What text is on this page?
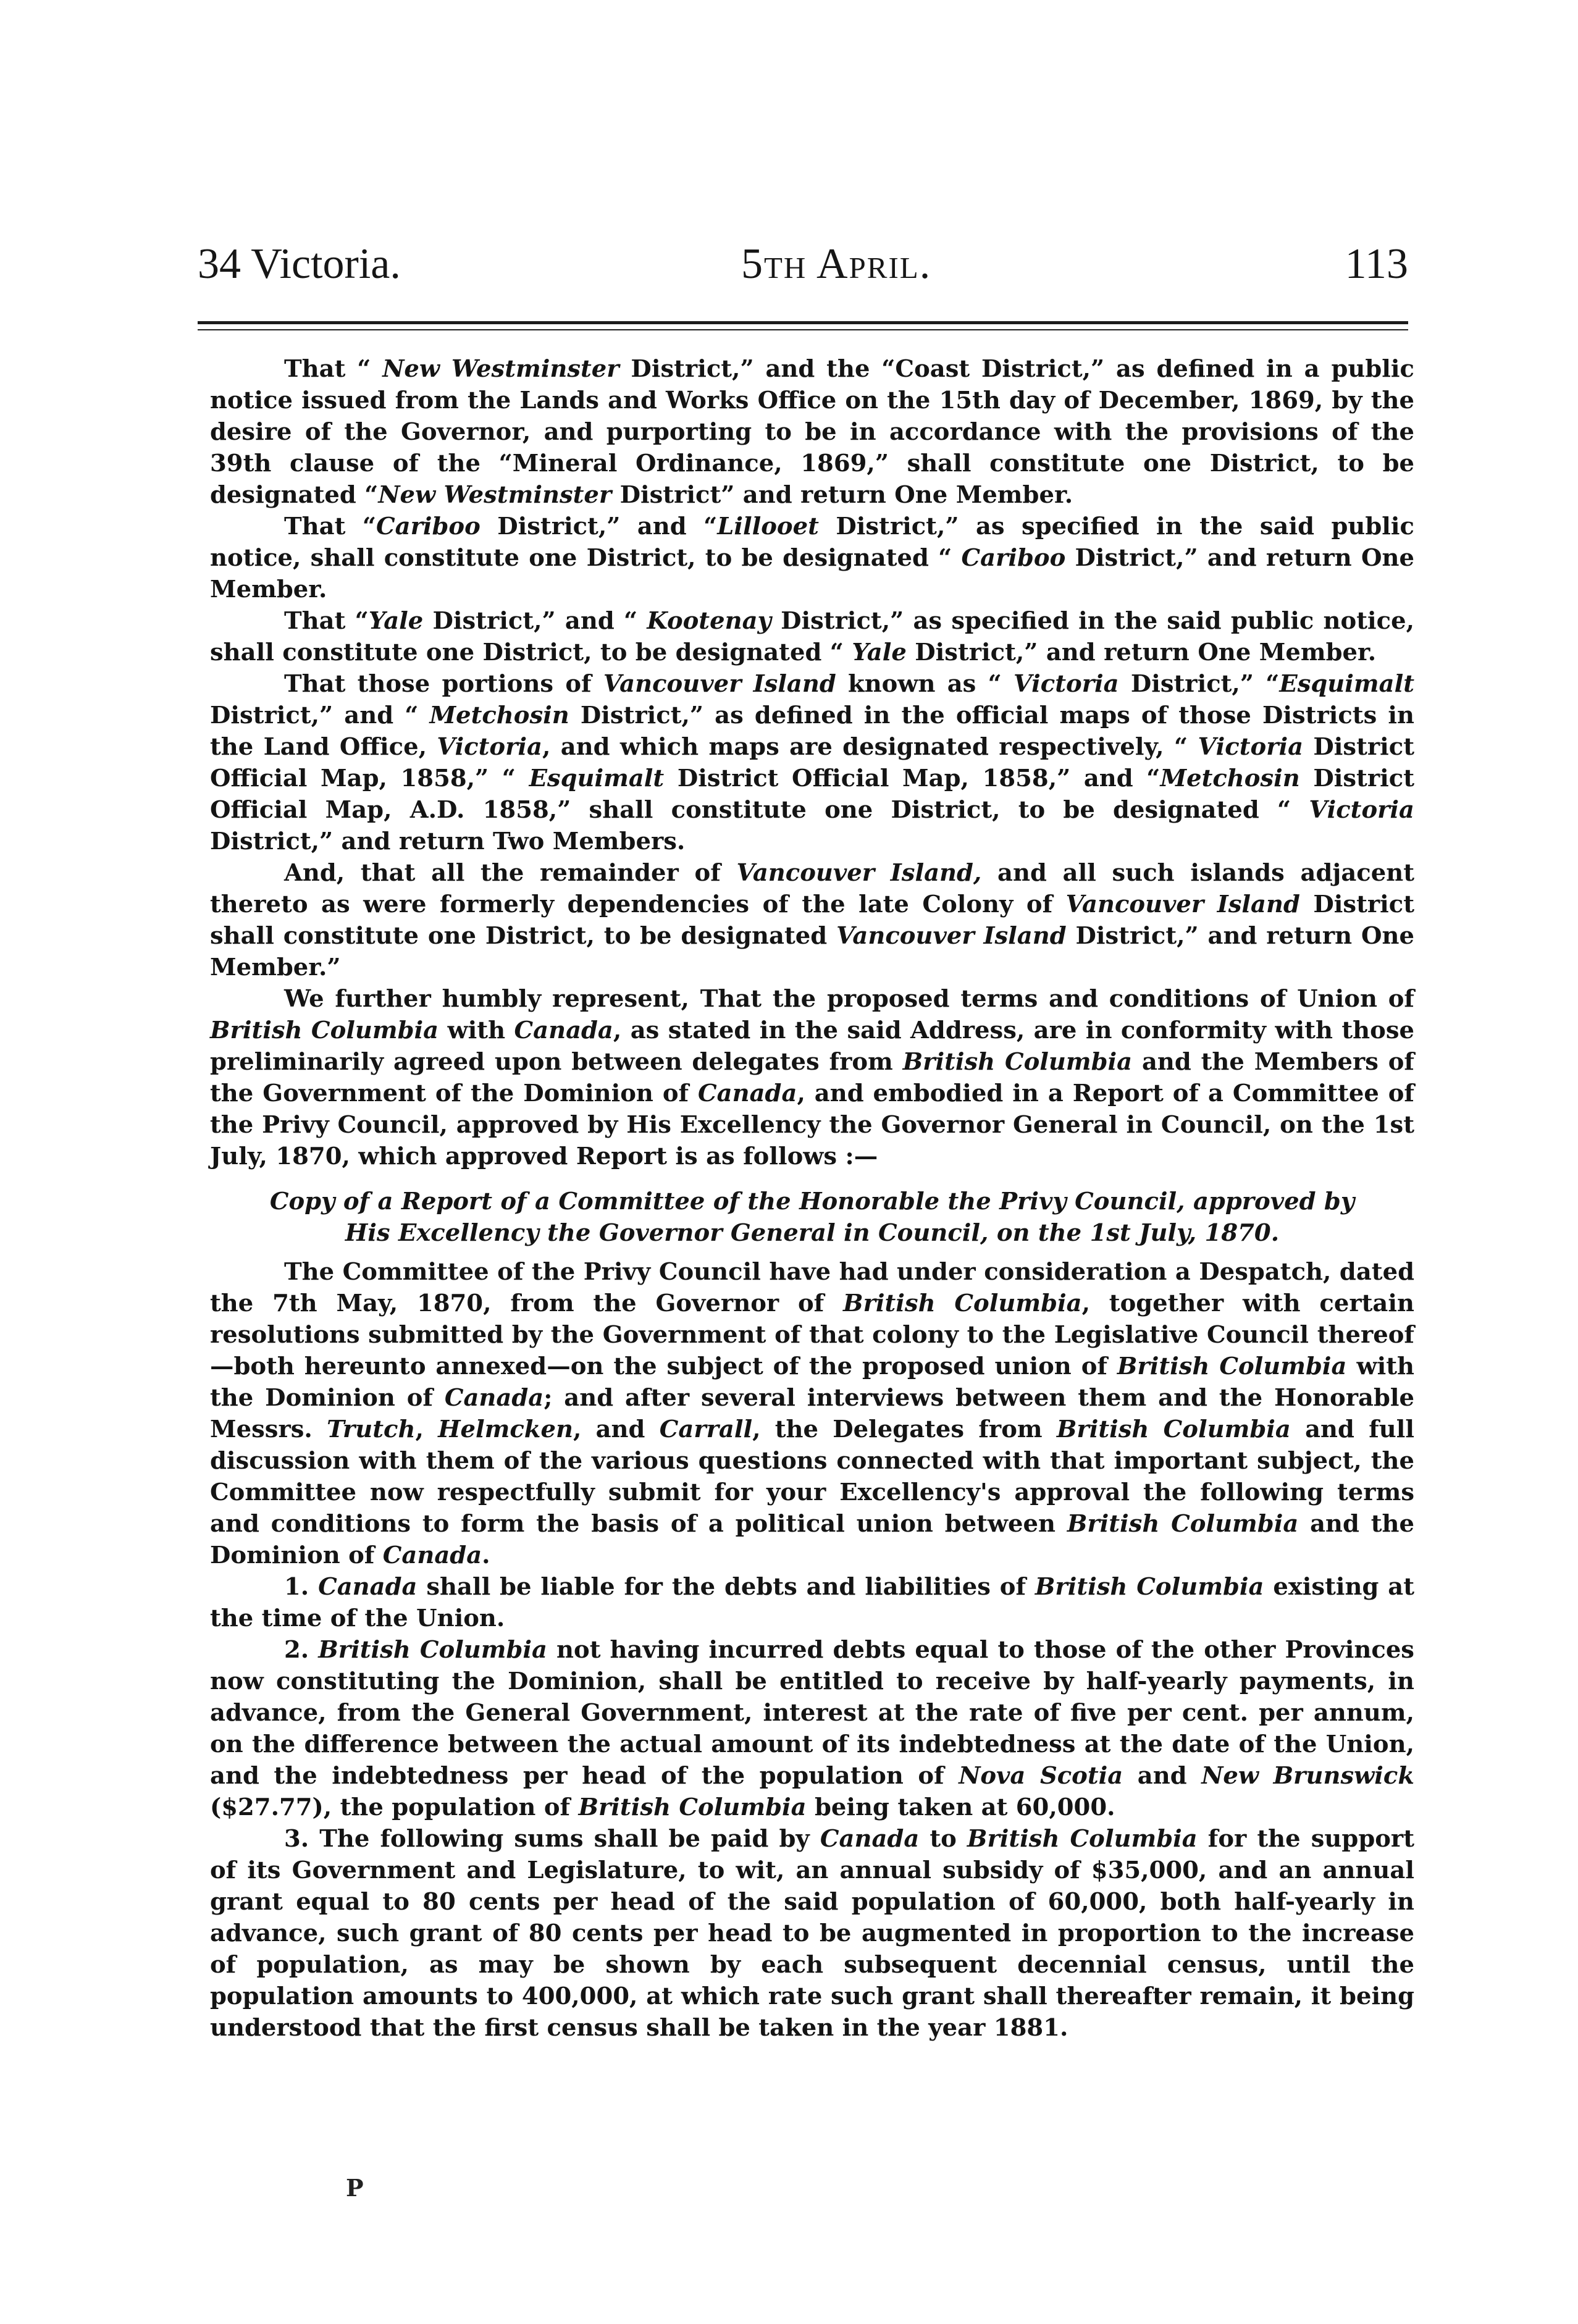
34 Victoria.	5th April.	113

That “ New Westminster District,” and the “Coast District,” as defined in a public notice issued from the Lands and Works Office on the 15th day of December, 1869, by the desire of the Governor, and purporting to be in accordance with the provisions of the 39th clause of the “Mineral Ordinance, 1869,” shall constitute one District, to be designated “New Westminster District” and return One Member.

That “Cariboo District,” and “Lillooet District,” as specified in the said public notice, shall constitute one District, to be designated “ Cariboo District,” and return One Member.

That “Yale District,” and “ Kootenay District,” as specified in the said public notice, shall constitute one District, to be designated “ Yale District,” and return One Member.

That those portions of Vancouver Island known as “ Victoria District,” “Esquimalt District,” and “ Metchosin District,” as defined in the official maps of those Districts in the Land Office, Victoria, and which maps are designated respectively, “ Victoria District Official Map, 1858,” “ Esquimalt District Official Map, 1858,” and “Metchosin District Official Map, A.D. 1858,” shall constitute one District, to be designated “ Victoria District,” and return Two Members.

And, that all the remainder of Vancouver Island, and all such islands adjacent thereto as were formerly dependencies of the late Colony of Vancouver Island District shall constitute one District, to be designated Vancouver Island District,” and return One Member.”

We further humbly represent, That the proposed terms and conditions of Union of British Columbia with Canada, as stated in the said Address, are in conformity with those preliminarily agreed upon between delegates from British Columbia and the Members of the Government of the Dominion of Canada, and embodied in a Report of a Committee of the Privy Council, approved by His Excellency the Governor General in Council, on the 1st July, 1870, which approved Report is as follows :—

Copy of a Report of a Committee of the Honorable the Privy Council, approved by His Excellency the Governor General in Council, on the 1st July, 1870.

The Committee of the Privy Council have had under consideration a Despatch, dated the 7th May, 1870, from the Governor of British Columbia, together with certain resolutions submitted by the Government of that colony to the Legislative Council thereof—both hereunto annexed—on the subject of the proposed union of British Columbia with the Dominion of Canada; and after several interviews between them and the Honorable Messrs. Trutch, Helmcken, and Carrall, the Delegates from British Columbia and full discussion with them of the various questions connected with that important subject, the Committee now respectfully submit for your Excellency's approval the following terms and conditions to form the basis of a political union between British Columbia and the Dominion of Canada.

1. Canada shall be liable for the debts and liabilities of British Columbia existing at the time of the Union.

2. British Columbia not having incurred debts equal to those of the other Provinces now constituting the Dominion, shall be entitled to receive by half-yearly payments, in advance, from the General Government, interest at the rate of five per cent. per annum, on the difference between the actual amount of its indebtedness at the date of the Union, and the indebtedness per head of the population of Nova Scotia and New Brunswick ($27.77), the population of British Columbia being taken at 60,000.

3. The following sums shall be paid by Canada to British Columbia for the support of its Government and Legislature, to wit, an annual subsidy of $35,000, and an annual grant equal to 80 cents per head of the said population of 60,000, both half-yearly in advance, such grant of 80 cents per head to be augmented in proportion to the increase of population, as may be shown by each subsequent decennial census, until the population amounts to 400,000, at which rate such grant shall thereafter remain, it being understood that the first census shall be taken in the year 1881.

P
